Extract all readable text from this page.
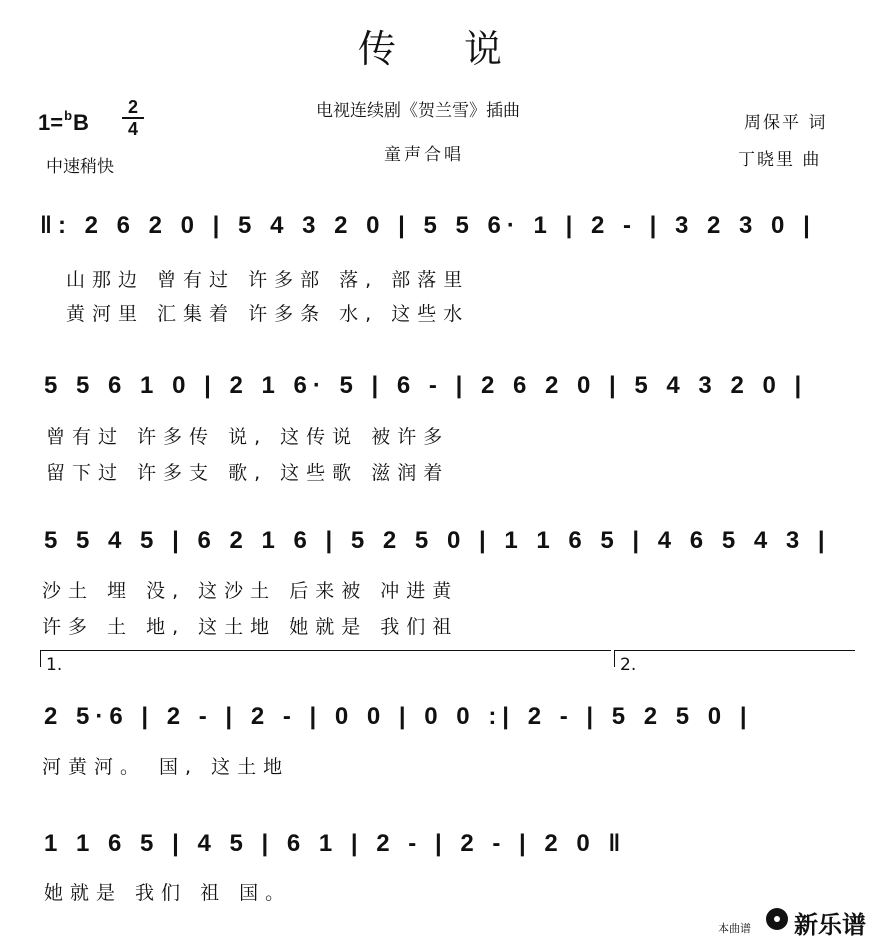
传 说
电视连续剧《贺兰雪》插曲
童声合唱
周保平 词
丁晓里 曲
1=$^b$B
2
4
中速稍快
‖: 2 6 2 0 | 5 4 3 2 0 | 5 5 6· 1 | 2 - | 3 2 3 0 |
山那边 曾有过 许多部 落, 部落里
黄河里 汇集着 许多条 水, 这些水
5 5 6 1 0 | 2 1 6· 5 | 6 - | 2 6 2 0 | 5 4 3 2 0 |
曾有过 许多传 说, 这传说 被许多
留下过 许多支 歌, 这些歌 滋润着
5 5 4 5 | 6 2 1 6 | 5 2 5 0 | 1 1 6 5 | 4 6 5 4 3 |
沙土 埋 没, 这沙土 后来被 冲进黄
许多 土 地, 这土地 她就是 我们祖
1.	2.
2 5·6 | 2 - | 2 - | 0 0 | 0 0 :| 2 - | 5 2 5 0 |
河黄河。 国, 这土地
1 1 6 5 | 4 5 | 6 1 | 2 - | 2 - | 2 0 ‖
她就是 我们 祖 国。
本曲谱 新乐谱
